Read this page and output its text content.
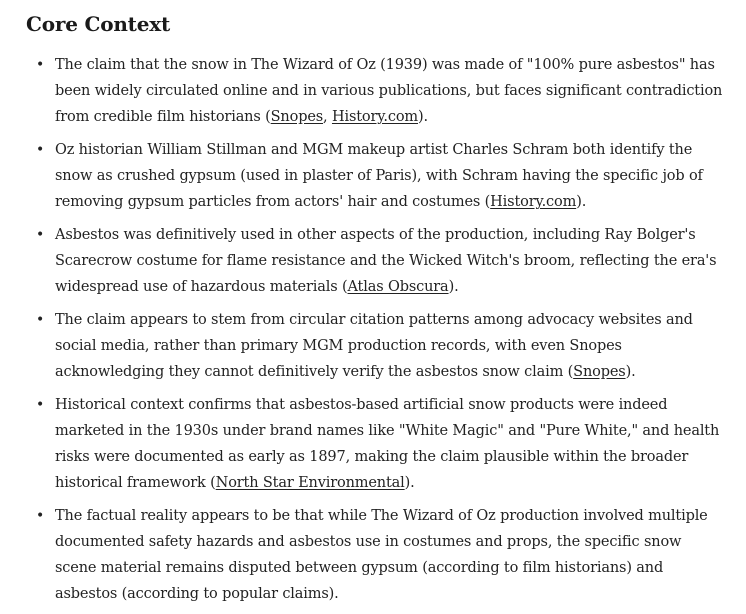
Core Context
• The claim that the snow in The Wizard of Oz (1939) was made of "100% pure asbestos" has been widely circulated online and in various publications, but faces significant contradiction from credible film historians (Snopes, History.com).
• Oz historian William Stillman and MGM makeup artist Charles Schram both identify the snow as crushed gypsum (used in plaster of Paris), with Schram having the specific job of removing gypsum particles from actors' hair and costumes (History.com).
• Asbestos was definitively used in other aspects of the production, including Ray Bolger's Scarecrow costume for flame resistance and the Wicked Witch's broom, reflecting the era's widespread use of hazardous materials (Atlas Obscura).
• The claim appears to stem from circular citation patterns among advocacy websites and social media, rather than primary MGM production records, with even Snopes acknowledging they cannot definitively verify the asbestos snow claim (Snopes).
• Historical context confirms that asbestos-based artificial snow products were indeed marketed in the 1930s under brand names like "White Magic" and "Pure White," and health risks were documented as early as 1897, making the claim plausible within the broader historical framework (North Star Environmental).
• The factual reality appears to be that while The Wizard of Oz production involved multiple documented safety hazards and asbestos use in costumes and props, the specific snow scene material remains disputed between gypsum (according to film historians) and asbestos (according to popular claims).
